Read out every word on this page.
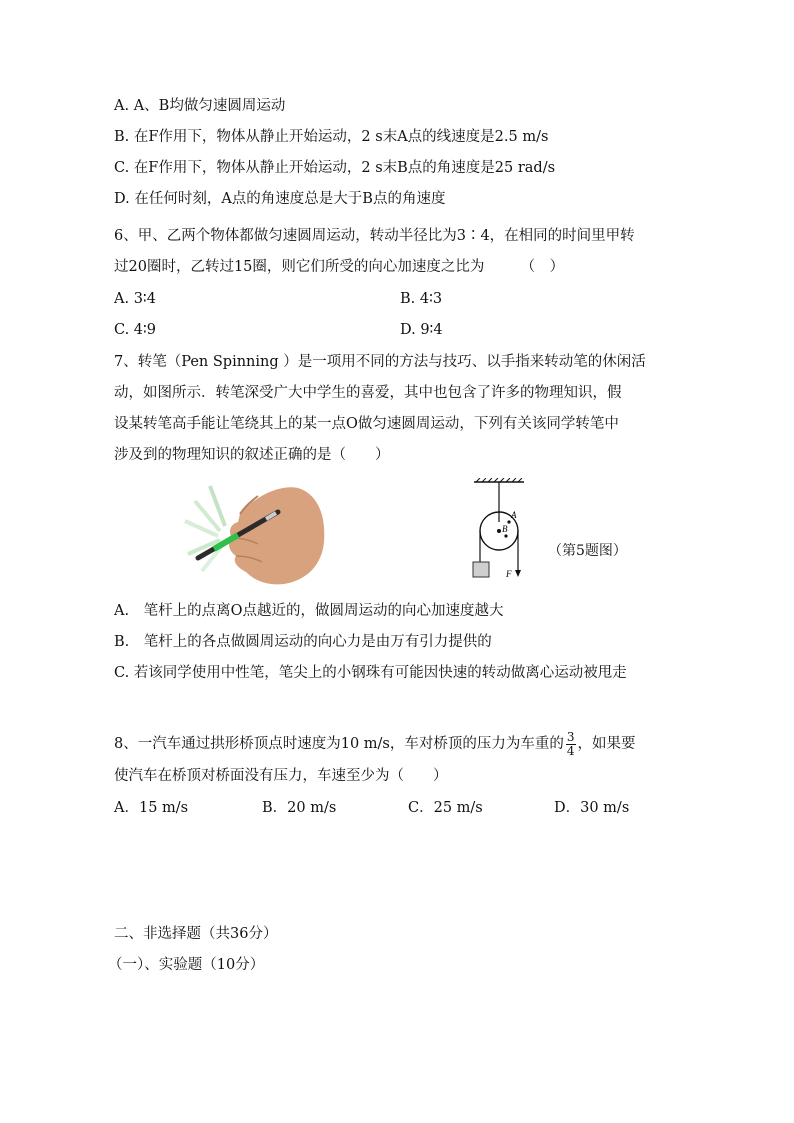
A. A、B均做匀速圆周运动
B. 在F作用下，物体从静止开始运动，2 s末A点的线速度是2.5 m/s
C. 在F作用下，物体从静止开始运动，2 s末B点的角速度是25 rad/s
D. 在任何时刻，A点的角速度总是大于B点的角速度
6、甲、乙两个物体都做匀速圆周运动，转动半径比为3∶4，在相同的时间里甲转
过20圈时，乙转过15圈，则它们所受的向心加速度之比为　　　（　）
A. 3∶4	B. 4∶3
C. 4∶9	D. 9∶4
7、转笔（Pen Spinning ）是一项用不同的方法与技巧、以手指来转动笔的休闲活
动，如图所示．转笔深受广大中学生的喜爱，其中也包含了许多的物理知识，假
设某转笔高手能让笔绕其上的某一点O做匀速圆周运动，下列有关该同学转笔中
涉及到的物理知识的叙述正确的是（　　）
A
B
F
（第5题图）
A.　笔杆上的点离O点越近的，做圆周运动的向心加速度越大
B.　笔杆上的各点做圆周运动的向心力是由万有引力提供的
C. 若该同学使用中性笔，笔尖上的小钢珠有可能因快速的转动做离心运动被甩走
8、一汽车通过拱形桥顶点时速度为10 m/s，车对桥顶的压力为车重的 $\frac{3}{4}$ ，如果要
使汽车在桥顶对桥面没有压力，车速至少为（　　）
A．15 m/s	B．20 m/s	C．25 m/s	D．30 m/s
二、非选择题（共36分）
（一）、实验题（10分）
